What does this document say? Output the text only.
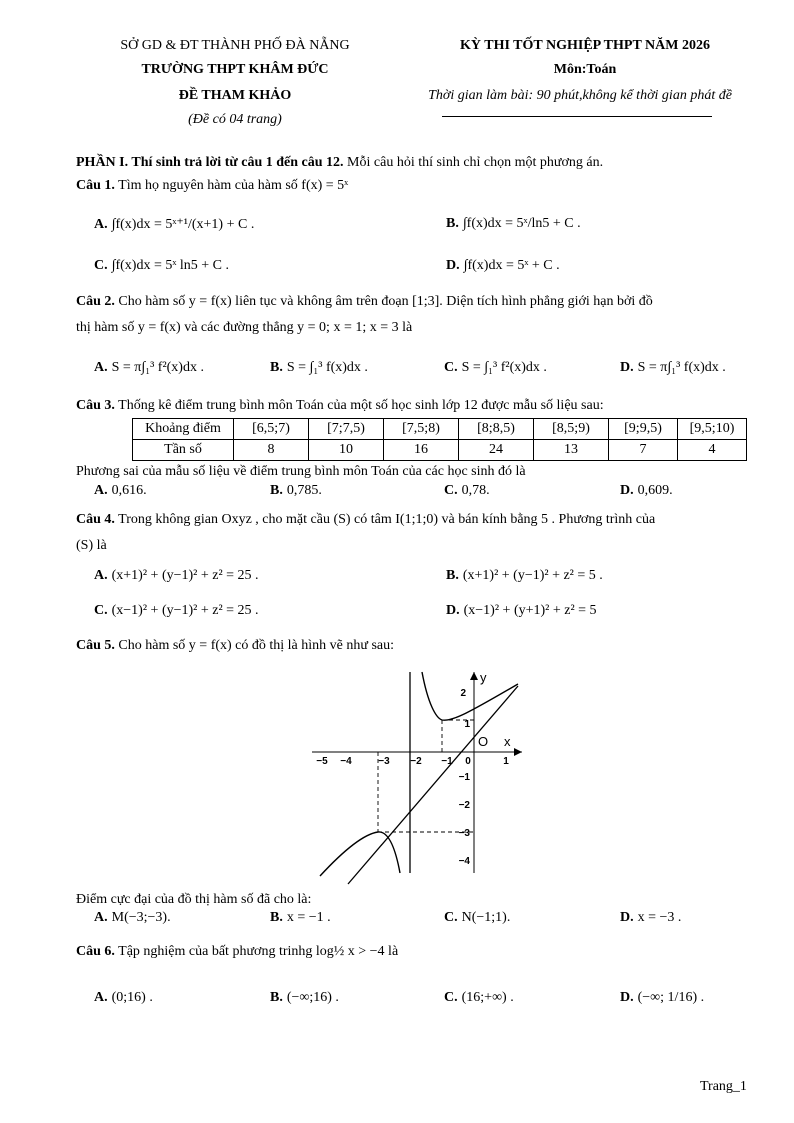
SỞ GD & ĐT THÀNH PHỐ ĐÀ NẴNG
TRƯỜNG THPT KHÂM ĐỨC
ĐỀ THAM KHẢO
(Đề có 04 trang)
KỲ THI TỐT NGHIỆP THPT NĂM 2026
Môn:Toán
Thời gian làm bài: 90 phút,không kể thời gian phát đề
PHẦN I. Thí sinh trả lời từ câu 1 đến câu 12. Mỗi câu hỏi thí sinh chỉ chọn một phương án.
Câu 1. Tìm họ nguyên hàm của hàm số f(x) = 5ˣ
A. ∫f(x)dx = 5ˣ⁺¹/(x+1) + C .	B. ∫f(x)dx = 5ˣ/ln5 + C .
C. ∫f(x)dx = 5ˣ ln5 + C .	D. ∫f(x)dx = 5ˣ + C .
Câu 2. Cho hàm số y = f(x) liên tục và không âm trên đoạn [1;3]. Diện tích hình phẳng giới hạn bởi đồ
thị hàm số y = f(x) và các đường thẳng y = 0; x = 1; x = 3 là
A. S = π∫₁³ f²(x)dx .	B. S = ∫₁³ f(x)dx .	C. S = ∫₁³ f²(x)dx .	D. S = π∫₁³ f(x)dx .
Câu 3. Thống kê điểm trung bình môn Toán của một số học sinh lớp 12 được mẫu số liệu sau:
Khoảng điểm	[6,5;7)	[7;7,5)	[7,5;8)	[8;8,5)	[8,5;9)	[9;9,5)	[9,5;10)
Tần số	8	10	16	24	13	7	4
Phương sai của mẫu số liệu về điểm trung bình môn Toán của các học sinh đó là
A. 0,616.	B. 0,785.	C. 0,78.	D. 0,609.
Câu 4. Trong không gian Oxyz , cho mặt cầu (S) có tâm I(1;1;0) và bán kính bằng 5 . Phương trình của
(S) là
A. (x+1)² + (y−1)² + z² = 25 .	B. (x+1)² + (y−1)² + z² = 5 .
C. (x−1)² + (y−1)² + z² = 25 .	D. (x−1)² + (y+1)² + z² = 5
Câu 5. Cho hàm số y = f(x) có đồ thị là hình vẽ như sau:
−5 −4	−3 −2 −1 0	1
2
1
−1
−2
−3
−4
y
x
O
Điểm cực đại của đồ thị hàm số đã cho là:
A. M(−3;−3).	B. x = −1 .	C. N(−1;1).	D. x = −3 .
Câu 6. Tập nghiệm của bất phương trinhg log½ x > −4 là
A. (0;16) .	B. (−∞;16) .	C. (16;+∞) .	D. (−∞; 1/16) .
Trang_1
